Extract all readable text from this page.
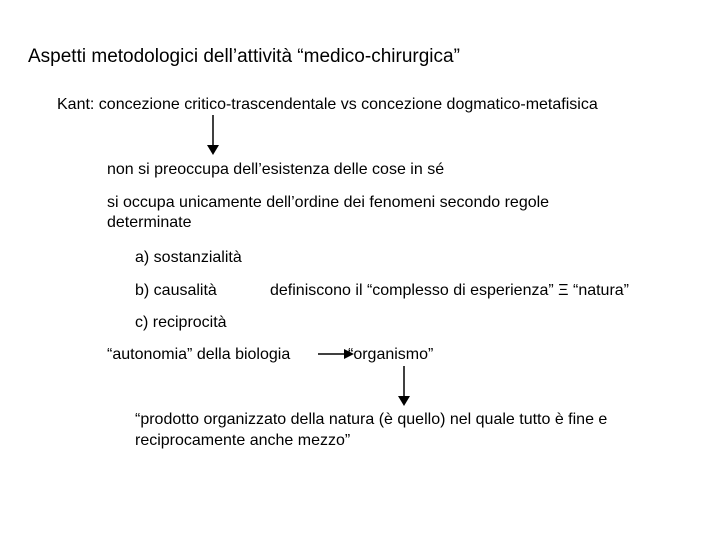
Aspetti metodologici dell’attività “medico-chirurgica”
Kant: concezione critico-trascendentale vs concezione dogmatico-metafisica
non si preoccupa dell’esistenza delle cose in sé
si occupa unicamente dell’ordine dei fenomeni secondo regole
determinate
a) sostanzialità
b) causalità	definiscono il “complesso di esperienza” Ξ “natura”
c) reciprocità
“autonomia” della biologia	“organismo”
“prodotto organizzato della natura (è quello) nel quale tutto è fine e
reciprocamente anche mezzo”
